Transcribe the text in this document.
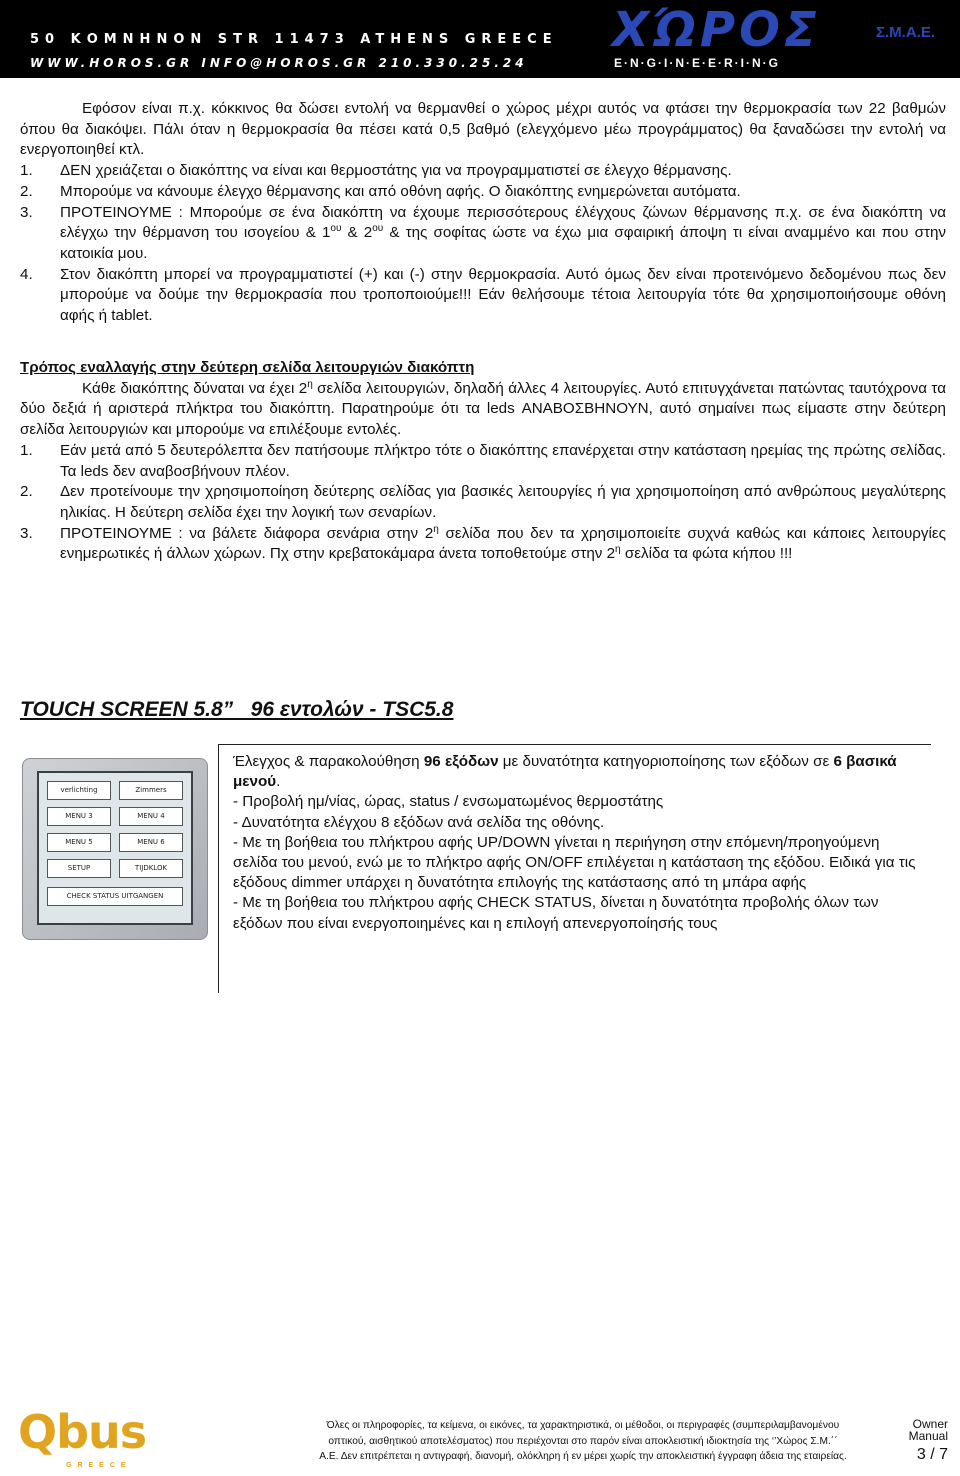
50 ΚΟΜΝΗΝΟΝ STR 11473 ATHENS GREECE
WWW.HOROS.GR INFO@HOROS.GR 210.330.25.24
ΧΏΡΟΣ	Σ.Μ.Α.Ε.
E·N·G·I·N·E·E·R·I·N·G

Εφόσον είναι π.χ. κόκκινος θα δώσει εντολή να θερμανθεί ο χώρος μέχρι αυτός να φτάσει την θερμοκρασία των 22 βαθμών όπου θα διακόψει. Πάλι όταν η θερμοκρασία θα πέσει κατά 0,5 βαθμό (ελεγχόμενο μέω προγράμματος) θα ξαναδώσει την εντολή να ενεργοποιηθεί κτλ.

1. ΔΕΝ χρειάζεται ο διακόπτης να είναι και θερμοστάτης για να προγραμματιστεί σε έλεγχο θέρμανσης.

2. Μπορούμε να κάνουμε έλεγχο θέρμανσης και από οθόνη αφής. Ο διακόπτης ενημερώνεται αυτόματα.

3. ΠΡΟΤΕΙΝΟΥΜΕ : Μπορούμε σε ένα διακόπτη να έχουμε περισσότερους έλέγχους ζώνων θέρμανσης π.χ. σε ένα διακόπτη να ελέγχω την θέρμανση του ισογείου & $1^{o\upsilon}$ & $2^{o\upsilon}$ & της σοφίτας ώστε να έχω μια σφαιρική άποψη τι είναι αναμμένο και που στην κατοικία μου.

4. Στον διακόπτη μπορεί να προγραμματιστεί (+) και (-) στην θερμοκρασία. Αυτό όμως δεν είναι προτεινόμενο δεδομένου πως δεν μπορούμε να δούμε την θερμοκρασία που τροποποιούμε!!! Εάν θελήσουμε τέτοια λειτουργία τότε θα χρησιμοποιήσουμε οθόνη αφής ή tablet.

Τρόπος εναλλαγής στην δεύτερη σελίδα λειτουργιών διακόπτη

Κάθε διακόπτης δύναται να έχει $2^\eta$ σελίδα λειτουργιών, δηλαδή άλλες 4 λειτουργίες. Αυτό επιτυγχάνεται πατώντας ταυτόχρονα τα δύο δεξιά ή αριστερά πλήκτρα του διακόπτη. Παρατηρούμε ότι τα leds ΑΝΑΒΟΣΒΗΝΟΥΝ, αυτό σημαίνει πως είμαστε στην δεύτερη σελίδα λειτουργιών και μπορούμε να επιλέξουμε εντολές.

1. Εάν μετά από 5 δευτερόλεπτα δεν πατήσουμε πλήκτρο τότε ο διακόπτης επανέρχεται στην κατάσταση ηρεμίας της πρώτης σελίδας. Τα leds δεν αναβοσβήνουν πλέον.

2. Δεν προτείνουμε την χρησιμοποίηση δεύτερης σελίδας για βασικές λειτουργίες ή για χρησιμοποίηση από ανθρώπους μεγαλύτερης ηλικίας. Η δεύτερη σελίδα έχει την λογική των σεναρίων.

3. ΠΡΟΤΕΙΝΟΥΜΕ : να βάλετε διάφορα σενάρια στην $2^\eta$ σελίδα που δεν τα χρησιμοποιείτε συχνά καθώς και κάποιες λειτουργίες ενημερωτικές ή άλλων χώρων. Πχ στην κρεβατοκάμαρα άνετα τοποθετούμε στην $2^\eta$ σελίδα τα φώτα κήπου !!!

TOUCH SCREEN 5.8”   96 εντολών - TSC5.8
verlichting	Zimmers
MENU 3	MENU 4
MENU 5	MENU 6
SETUP	TIJDKLOK
CHECK STATUS UITGANGEN

Έλεγχος & παρακολούθηση 96 εξόδων με δυνατότητα κατηγοριοποίησης των εξόδων σε 6 βασικά μενού.

- Προβολή ημ/νίας, ώρας, status / ενσωματωμένος θερμοστάτης

- Δυνατότητα ελέγχου 8 εξόδων ανά σελίδα της οθόνης.

- Με τη βοήθεια του πλήκτρου αφής UP/DOWN γίνεται η περιήγηση στην επόμενη/προηγούμενη σελίδα του μενού, ενώ με το πλήκτρο αφής ON/OFF επιλέγεται η κατάσταση της εξόδου. Ειδικά για τις εξόδους dimmer υπάρχει η δυνατότητα επιλογής της κατάστασης από τη μπάρα αφής

- Με τη βοήθεια του πλήκτρου αφής CHECK STATUS, δίνεται η δυνατότητα προβολής όλων των εξόδων που είναι ενεργοποιημένες και η επιλογή απενεργοποίησής τους

Qbus
GREECE
Όλες οι πληροφορίες, τα κείμενα, οι εικόνες, τα χαρακτηριστικά, οι μέθοδοι, οι περιγραφές (συμπεριλαμβανομένου οπτικού, αισθητικού αποτελέσματος) που περιέχονται στο παρόν είναι αποκλειστική ιδιοκτησία της ‘’Χώρος Σ.Μ.΄΄ Α.Ε. Δεν επιτρέπεται η αντιγραφή, διανομή, ολόκληρη ή εν μέρει χωρίς την αποκλειστική έγγραφη άδεια της εταιρείας.
Owner
Manual
3 / 7
